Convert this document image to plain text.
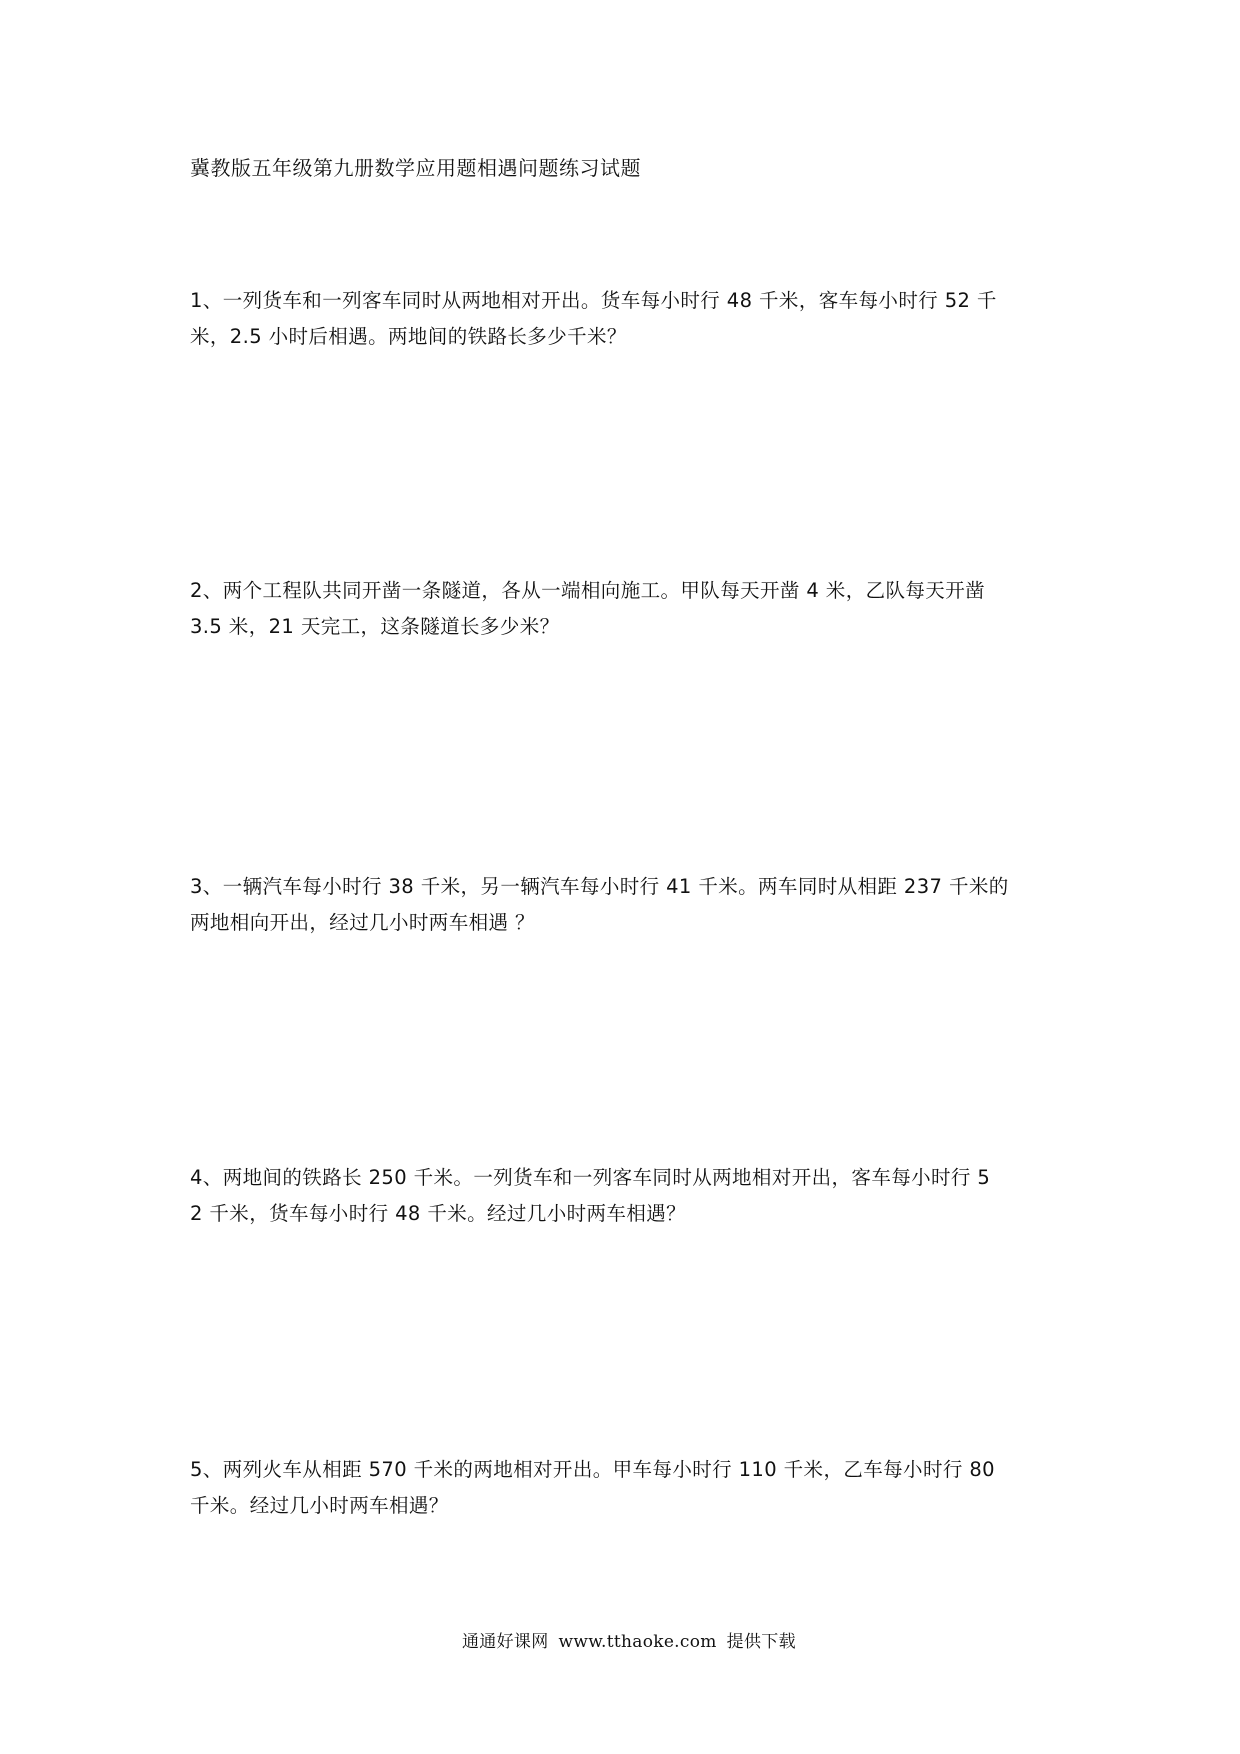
冀教版五年级第九册数学应用题相遇问题练习试题
1、一列货车和一列客车同时从两地相对开出。货车每小时行 48 千米，客车每小时行 52 千
米，2.5 小时后相遇。两地间的铁路长多少千米？
2、两个工程队共同开凿一条隧道，各从一端相向施工。甲队每天开凿 4 米，乙队每天开凿
3.5 米，21 天完工，这条隧道长多少米？
3、一辆汽车每小时行 38 千米，另一辆汽车每小时行 41 千米。两车同时从相距 237 千米的
两地相向开出，经过几小时两车相遇 ？
4、两地间的铁路长 250 千米。一列货车和一列客车同时从两地相对开出，客车每小时行 5
2 千米，货车每小时行 48 千米。经过几小时两车相遇？
5、两列火车从相距 570 千米的两地相对开出。甲车每小时行 110 千米，乙车每小时行 80
千米。经过几小时两车相遇？
通通好课网 www.tthaoke.com 提供下载
